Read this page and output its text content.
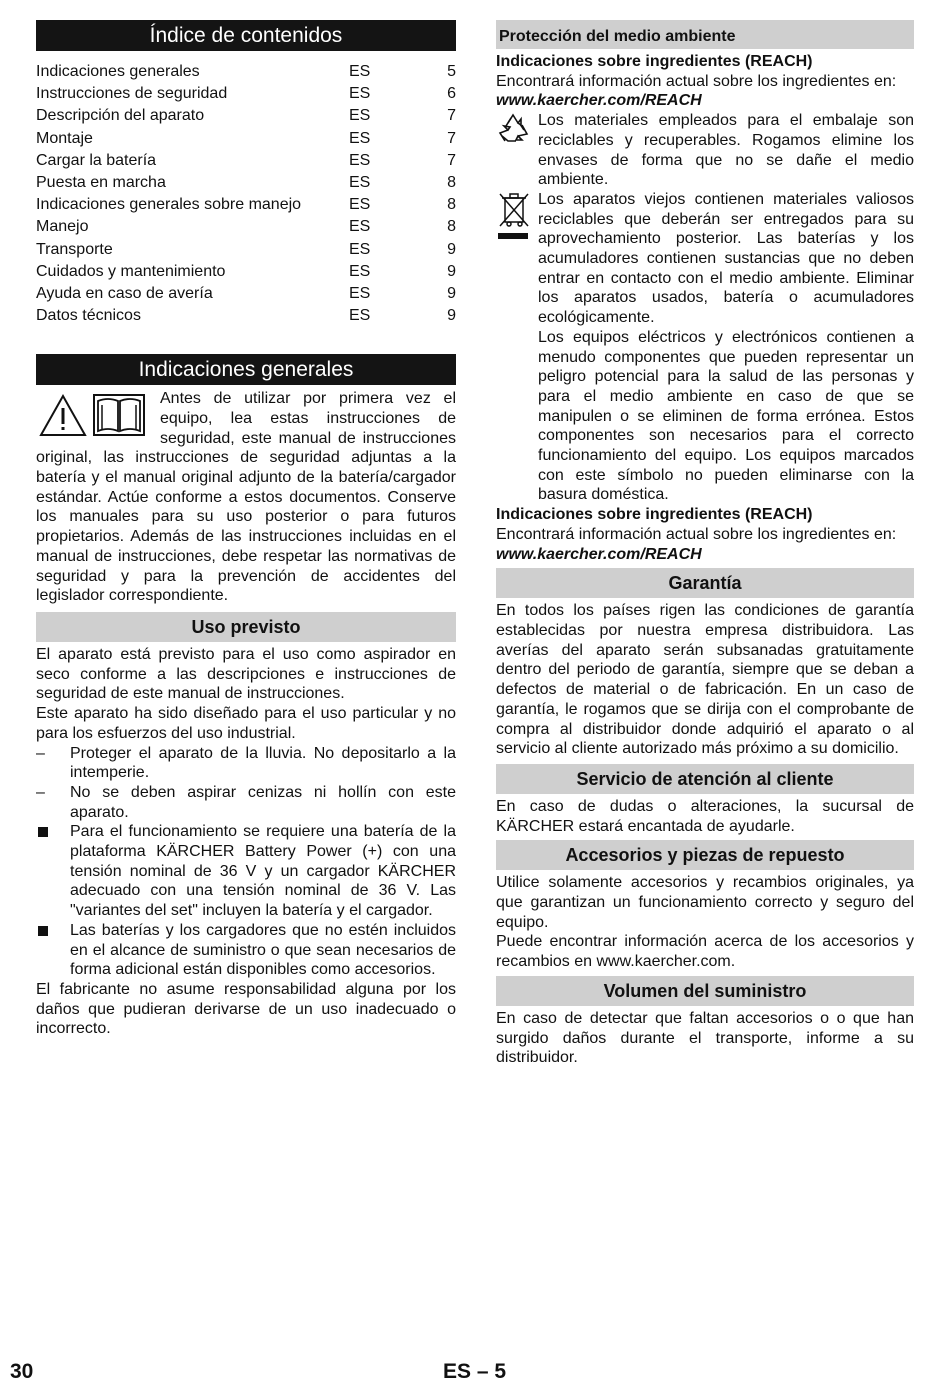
Índice de contenidos
Indicaciones generales	ES	5
Instrucciones de seguridad	ES	6
Descripción del aparato	ES	7
Montaje	ES	7
Cargar la batería	ES	7
Puesta en marcha	ES	8
Indicaciones generales sobre manejo	ES	8
Manejo	ES	8
Transporte	ES	9
Cuidados y mantenimiento	ES	9
Ayuda en caso de avería	ES	9
Datos técnicos	ES	9
Indicaciones generales

Antes de utilizar por primera vez el equipo, lea estas instrucciones de seguridad, este manual de instrucciones original, las instrucciones de seguridad adjuntas a la batería y el manual original adjunto de la batería/cargador estándar. Actúe conforme a estos documentos. Conserve los manuales para su uso posterior o para futuros propietarios. Además de las instrucciones incluidas en el manual de instrucciones, debe respetar las normativas de seguridad y para la prevención de accidentes del legislador correspondiente.

Uso previsto

El aparato está previsto para el uso como aspirador en seco conforme a las descripciones e instrucciones de seguridad de este manual de instrucciones.

Este aparato ha sido diseñado para el uso particular y no para los esfuerzos del uso industrial.

–	Proteger el aparato de la lluvia. No depositarlo a la intemperie.
–	No se deben aspirar cenizas ni hollín con este aparato.
Para el funcionamiento se requiere una batería de la plataforma KÄRCHER Battery Power (+) con una tensión nominal de 36 V y un cargador KÄRCHER adecuado con una tensión nominal de 36 V. Las "variantes del set" incluyen la batería y el cargador.
Las baterías y los cargadores que no estén incluidos en el alcance de suministro o que sean necesarios de forma adicional están disponibles como accesorios.

El fabricante no asume responsabilidad alguna por los daños que pudieran derivarse de un uso inadecuado o incorrecto.

Protección del medio ambiente

Indicaciones sobre ingredientes (REACH)

Encontrará información actual sobre los ingredientes en:

www.kaercher.com/REACH

Los materiales empleados para el embalaje son reciclables y recuperables. Rogamos elimine los envases de forma que no se dañe el medio ambiente.

Los aparatos viejos contienen materiales valiosos reciclables que deberán ser entregados para su aprovechamiento posterior. Las baterías y los acumuladores contienen sustancias que no deben entrar en contacto con el medio ambiente. Eliminar los aparatos usados, batería o acumuladores ecológicamente.

Los equipos eléctricos y electrónicos contienen a menudo componentes que pueden representar un peligro potencial para la salud de las personas y para el medio ambiente en caso de que se manipulen o se eliminen de forma errónea. Estos componentes son necesarios para el correcto funcionamiento del equipo. Los equipos marcados con este símbolo no pueden eliminarse con la basura doméstica.

Indicaciones sobre ingredientes (REACH)

Encontrará información actual sobre los ingredientes en:

www.kaercher.com/REACH

Garantía

En todos los países rigen las condiciones de garantía establecidas por nuestra empresa distribuidora. Las averías del aparato serán subsanadas gratuitamente dentro del periodo de garantía, siempre que se deban a defectos de material o de fabricación. En un caso de garantía, le rogamos que se dirija con el comprobante de compra al distribuidor donde adquirió el aparato o al servicio al cliente autorizado más próximo a su domicilio.

Servicio de atención al cliente

En caso de dudas o alteraciones, la sucursal de KÄRCHER estará encantada de ayudarle.

Accesorios y piezas de repuesto

Utilice solamente accesorios y recambios originales, ya que garantizan un funcionamiento correcto y seguro del equipo.

Puede encontrar información acerca de los accesorios y recambios en www.kaercher.com.

Volumen del suministro

En caso de detectar que faltan accesorios o o que han surgido daños durante el transporte, informe a su distribuidor.

30	ES – 5
